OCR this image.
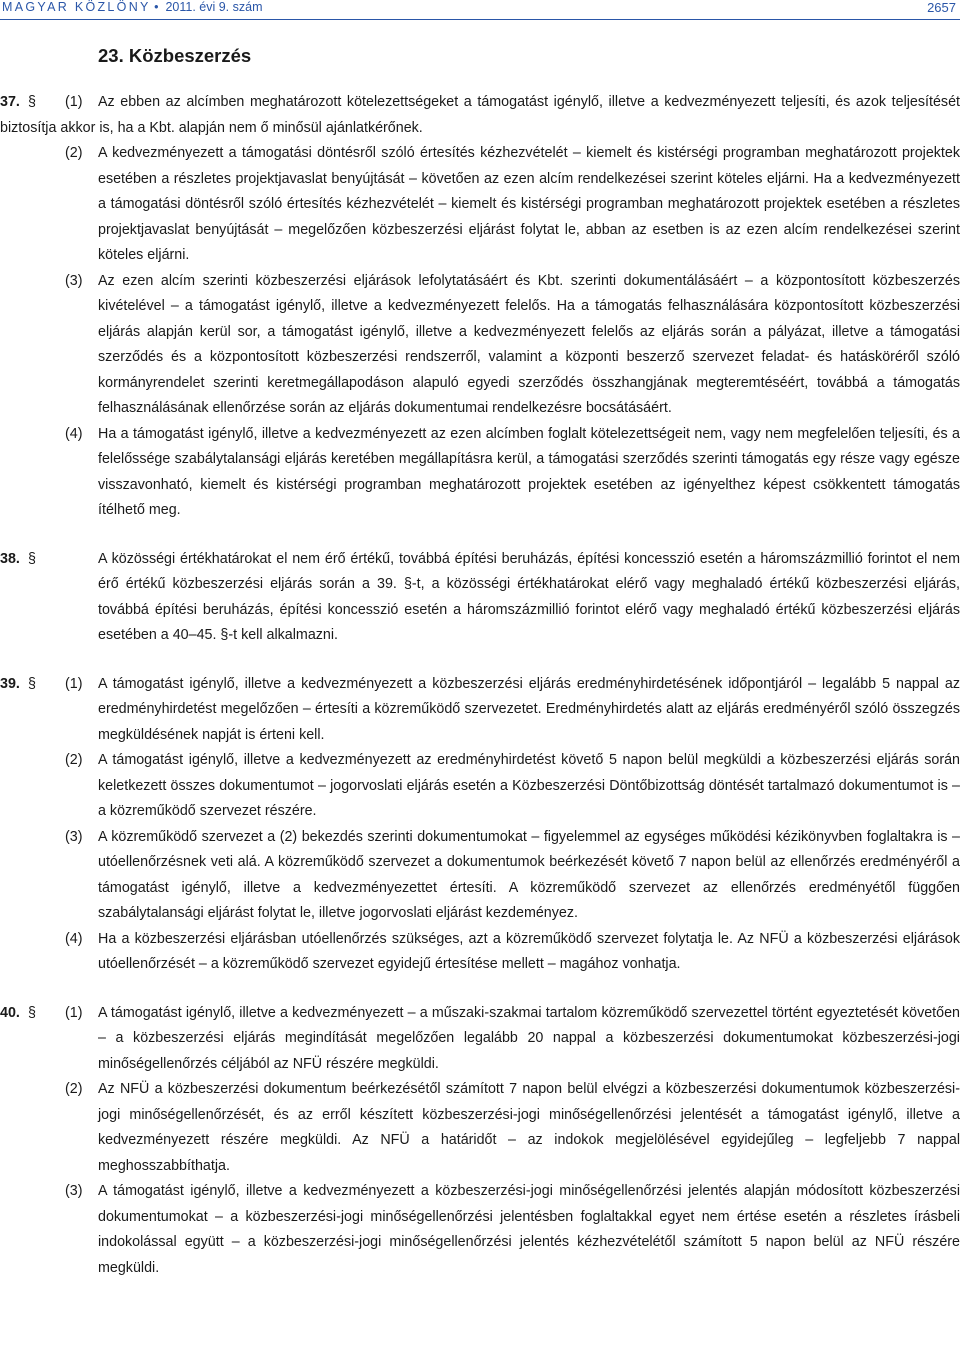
MAGYAR KÖZLÖNY •  2011. évi 9. szám	2657
23. Közbeszerzés
37. § (1) Az ebben az alcímben meghatározott kötelezettségeket a támogatást igénylő, illetve a kedvezményezett teljesíti, és azok teljesítését biztosítja akkor is, ha a Kbt. alapján nem ő minősül ajánlatkérőnek.
(2) A kedvezményezett a támogatási döntésről szóló értesítés kézhezvételét – kiemelt és kistérségi programban meghatározott projektek esetében a részletes projektjavaslat benyújtását – követően az ezen alcím rendelkezései szerint köteles eljárni. Ha a kedvezményezett a támogatási döntésről szóló értesítés kézhezvételét – kiemelt és kistérségi programban meghatározott projektek esetében a részletes projektjavaslat benyújtását – megelőzően közbeszerzési eljárást folytat le, abban az esetben is az ezen alcím rendelkezései szerint köteles eljárni.
(3) Az ezen alcím szerinti közbeszerzési eljárások lefolytatásáért és Kbt. szerinti dokumentálásáért – a központosított közbeszerzés kivételével – a támogatást igénylő, illetve a kedvezményezett felelős. Ha a támogatás felhasználására központosított közbeszerzési eljárás alapján kerül sor, a támogatást igénylő, illetve a kedvezményezett felelős az eljárás során a pályázat, illetve a támogatási szerződés és a központosított közbeszerzési rendszerről, valamint a központi beszerző szervezet feladat- és hatásköréről szóló kormányrendelet szerinti keretmegállapodáson alapuló egyedi szerződés összhangjának megteremtéséért, továbbá a támogatás felhasználásának ellenőrzése során az eljárás dokumentumai rendelkezésre bocsátásáért.
(4) Ha a támogatást igénylő, illetve a kedvezményezett az ezen alcímben foglalt kötelezettségeit nem, vagy nem megfelelően teljesíti, és a felelőssége szabálytalansági eljárás keretében megállapításra kerül, a támogatási szerződés szerinti támogatás egy része vagy egésze visszavonható, kiemelt és kistérségi programban meghatározott projektek esetében az igényelthez képest csökkentett támogatás ítélhető meg.
38. §	A közösségi értékhatárokat el nem érő értékű, továbbá építési beruházás, építési koncesszió esetén a háromszázmillió forintot el nem érő értékű közbeszerzési eljárás során a 39. §-t, a közösségi értékhatárokat elérő vagy meghaladó értékű közbeszerzési eljárás, továbbá építési beruházás, építési koncesszió esetén a háromszázmillió forintot elérő vagy meghaladó értékű közbeszerzési eljárás esetében a 40–45. §-t kell alkalmazni.
39. § (1) A támogatást igénylő, illetve a kedvezményezett a közbeszerzési eljárás eredményhirdetésének időpontjáról – legalább 5 nappal az eredményhirdetést megelőzően – értesíti a közreműködő szervezetet. Eredményhirdetés alatt az eljárás eredményéről szóló összegzés megküldésének napját is érteni kell.
(2) A támogatást igénylő, illetve a kedvezményezett az eredményhirdetést követő 5 napon belül megküldi a közbeszerzési eljárás során keletkezett összes dokumentumot – jogorvoslati eljárás esetén a Közbeszerzési Döntőbizottság döntését tartalmazó dokumentumot is – a közreműködő szervezet részére.
(3) A közreműködő szervezet a (2) bekezdés szerinti dokumentumokat – figyelemmel az egységes működési kézikönyvben foglaltakra is – utóellenőrzésnek veti alá. A közreműködő szervezet a dokumentumok beérkezését követő 7 napon belül az ellenőrzés eredményéről a támogatást igénylő, illetve a kedvezményezettet értesíti. A közreműködő szervezet az ellenőrzés eredményétől függően szabálytalansági eljárást folytat le, illetve jogorvoslati eljárást kezdeményez.
(4) Ha a közbeszerzési eljárásban utóellenőrzés szükséges, azt a közreműködő szervezet folytatja le. Az NFÜ a közbeszerzési eljárások utóellenőrzését – a közreműködő szervezet egyidejű értesítése mellett – magához vonhatja.
40. § (1) A támogatást igénylő, illetve a kedvezményezett – a műszaki-szakmai tartalom közreműködő szervezettel történt egyeztetését követően – a közbeszerzési eljárás megindítását megelőzően legalább 20 nappal a közbeszerzési dokumentumokat közbeszerzési-jogi minőségellenőrzés céljából az NFÜ részére megküldi.
(2) Az NFÜ a közbeszerzési dokumentum beérkezésétől számított 7 napon belül elvégzi a közbeszerzési dokumentumok közbeszerzési-jogi minőségellenőrzését, és az erről készített közbeszerzési-jogi minőségellenőrzési jelentését a támogatást igénylő, illetve a kedvezményezett részére megküldi. Az NFÜ a határidőt – az indokok megjelölésével egyidejűleg – legfeljebb 7 nappal meghosszabbíthatja.
(3) A támogatást igénylő, illetve a kedvezményezett a közbeszerzési-jogi minőségellenőrzési jelentés alapján módosított közbeszerzési dokumentumokat – a közbeszerzési-jogi minőségellenőrzési jelentésben foglaltakkal egyet nem értése esetén a részletes írásbeli indokolással együtt – a közbeszerzési-jogi minőségellenőrzési jelentés kézhezvételétől számított 5 napon belül az NFÜ részére megküldi.
